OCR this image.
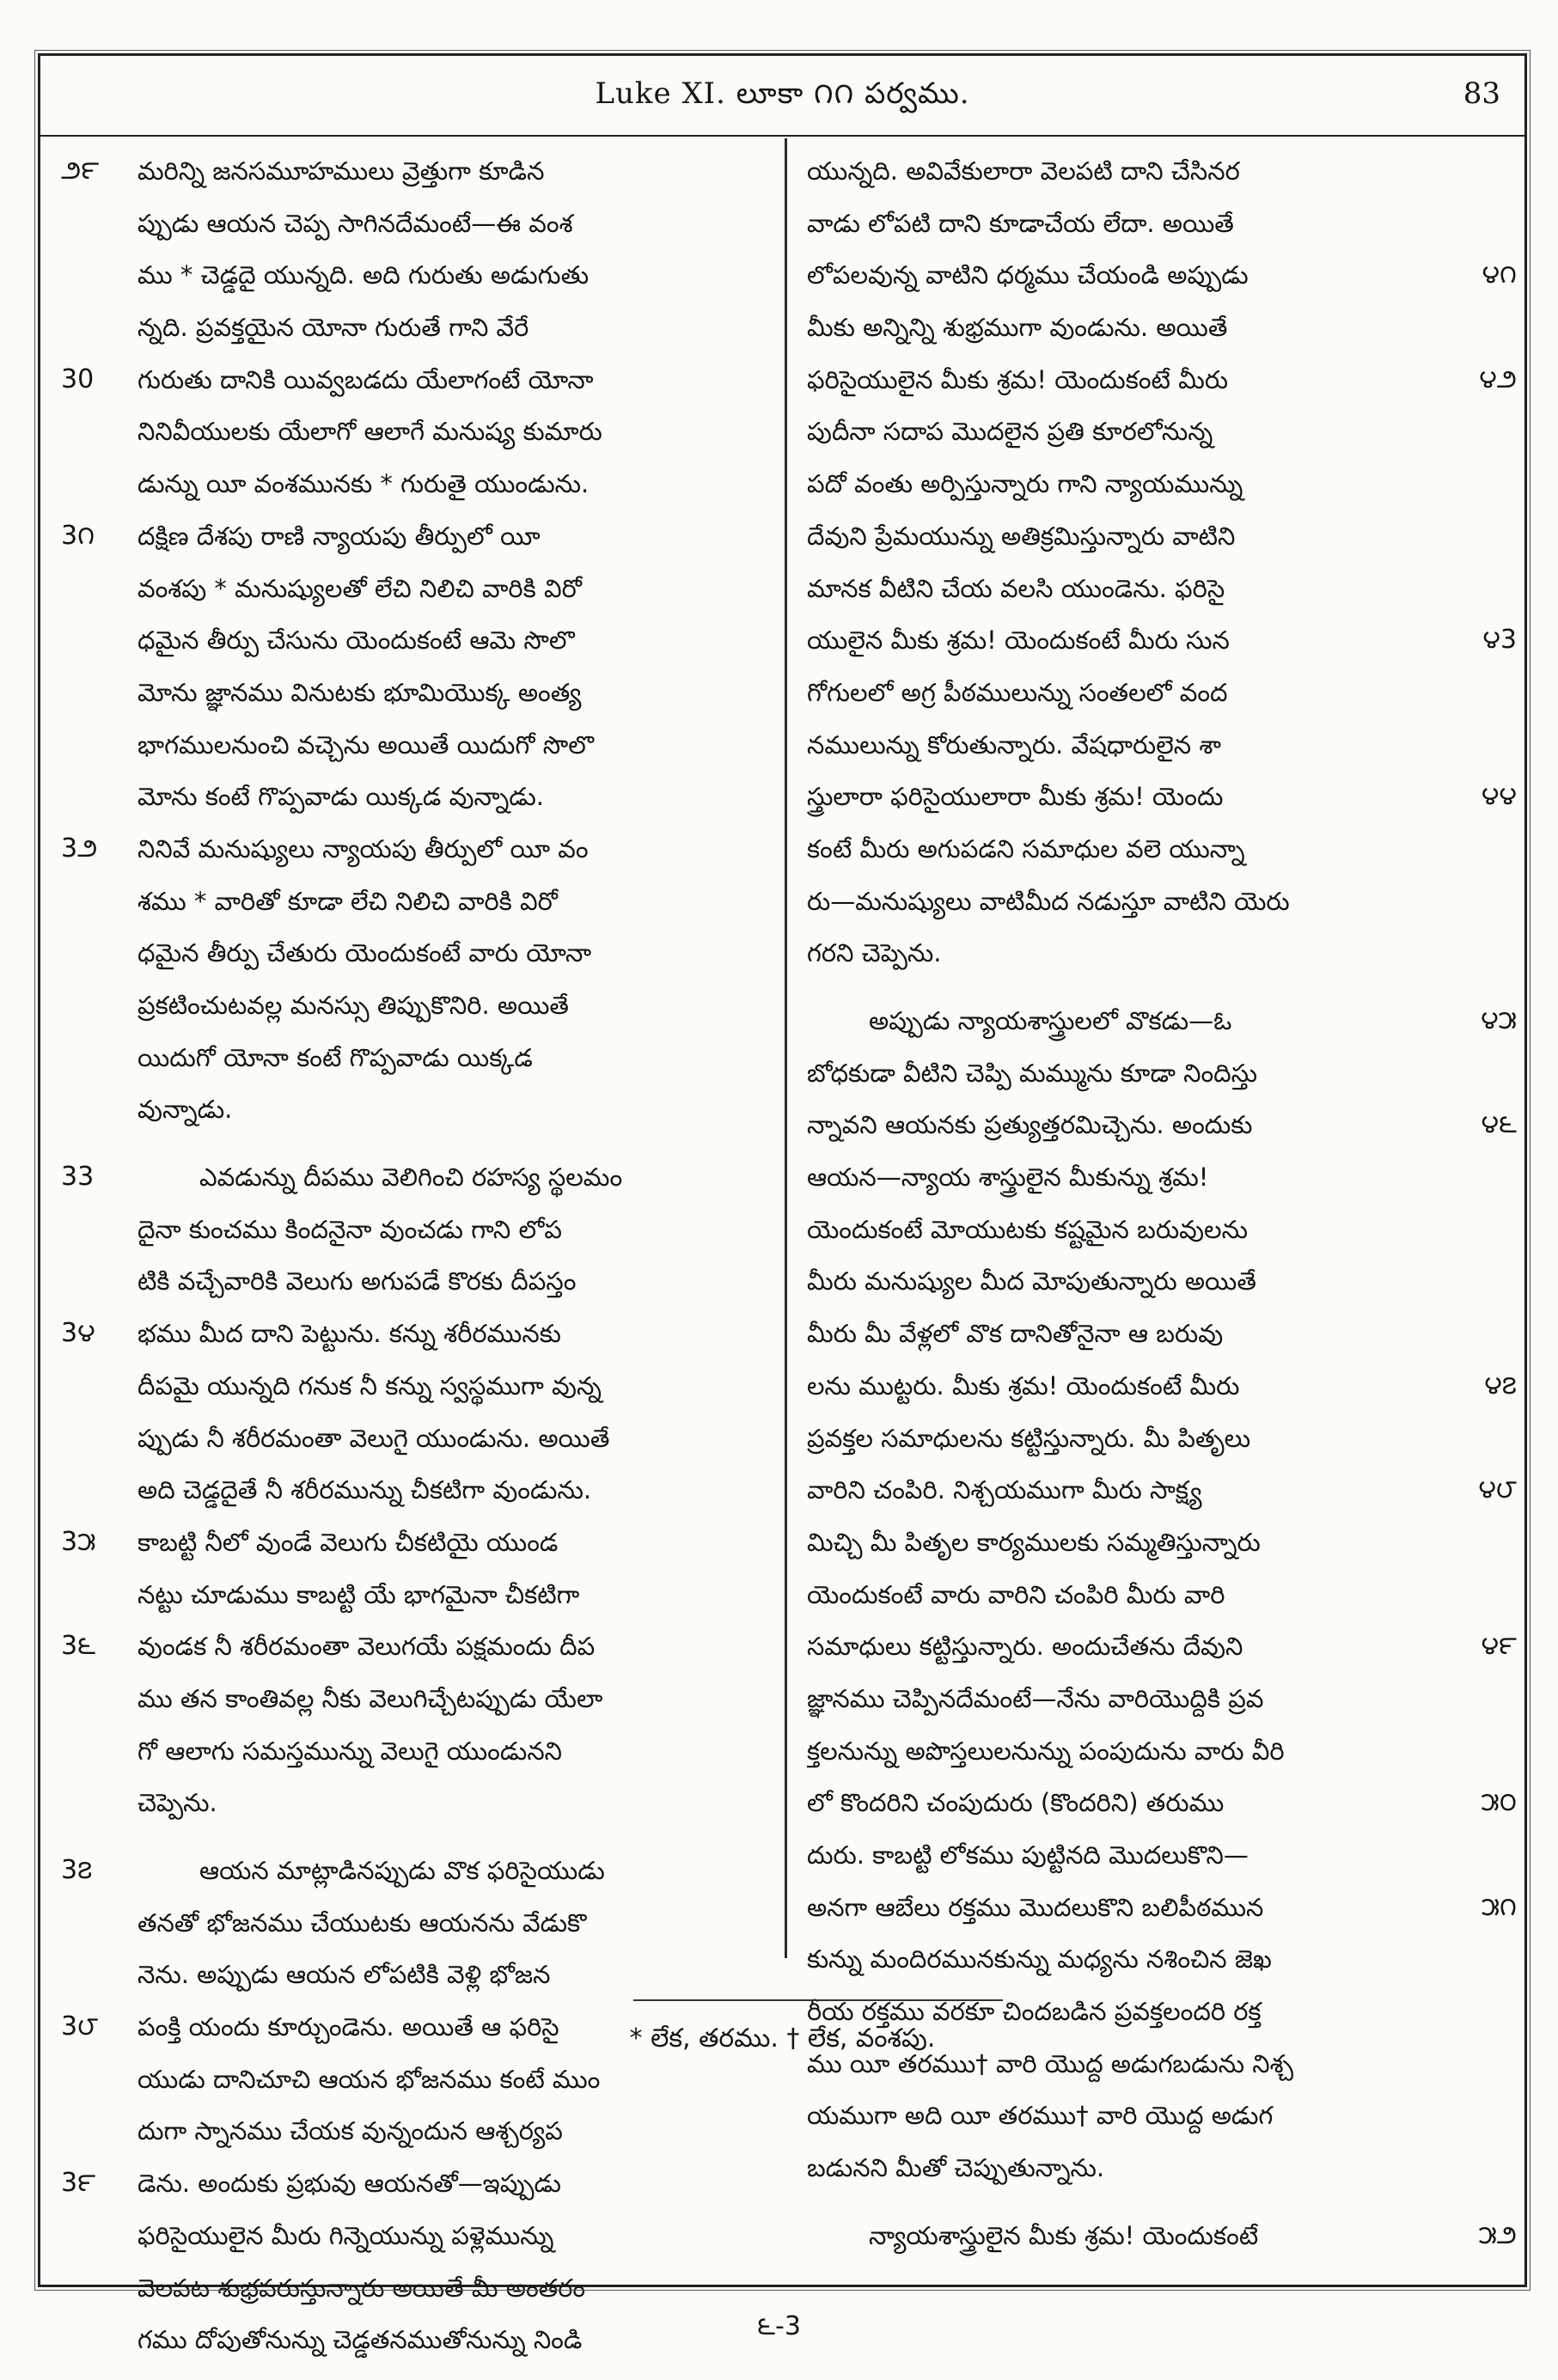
Luke XI. లూకా ౧౧ పర్వము.	83
౨౯	మరిన్ని జనసమూహములు వ్రెత్తుగా కూడిన
ప్పుడు ఆయన చెప్ప సాగినదేమంటే—ఈ వంశ
ము * చెడ్డదై యున్నది. అది గురుతు అడుగుతు
న్నది. ప్రవక్తయైన యోనా గురుతే గాని వేరే
30	గురుతు దానికి యివ్వబడదు యేలాగంటే యోనా
నినివీయులకు యేలాగో ఆలాగే మనుష్య కుమారు
డున్ను యీ వంశమునకు * గురుతై యుండును.
3౧	దక్షిణ దేశపు రాణి న్యాయపు తీర్పులో యీ
వంశపు * మనుష్యులతో లేచి నిలిచి వారికి విరో
ధమైన తీర్పు చేసును యెందుకంటే ఆమె సొలొ
మోను జ్ఞానము వినుటకు భూమియొక్క అంత్య
భాగములనుంచి వచ్చెను అయితే యిదుగో సొలొ
మోను కంటే గొప్పవాడు యిక్కడ వున్నాడు.
3౨	నినివే మనుష్యులు న్యాయపు తీర్పులో యీ వం
శము * వారితో కూడా లేచి నిలిచి వారికి విరో
ధమైన తీర్పు చేతురు యెందుకంటే వారు యోనా
ప్రకటించుటవల్ల మనస్సు తిప్పుకొనిరి. అయితే
యిదుగో యోనా కంటే గొప్పవాడు యిక్కడ
వున్నాడు.
33	ఎవడున్ను దీపము వెలిగించి రహస్య స్థలమం
దైనా కుంచము కిందనైనా వుంచడు గాని లోప
టికి వచ్చేవారికి వెలుగు అగుపడే కొరకు దీపస్తం
3౪	భము మీద దాని పెట్టును. కన్ను శరీరమునకు
దీపమై యున్నది గనుక నీ కన్ను స్వస్థముగా వున్న
ప్పుడు నీ శరీరమంతా వెలుగై యుండును. అయితే
అది చెడ్డదైతే నీ శరీరమున్ను చీకటిగా వుండును.
3౫	కాబట్టి నీలో వుండే వెలుగు చీకటియై యుండ
నట్టు చూడుము కాబట్టి యే భాగమైనా చీకటిగా
3౬	వుండక నీ శరీరమంతా వెలుగయే పక్షమందు దీప
ము తన కాంతివల్ల నీకు వెలుగిచ్చేటప్పుడు యేలా
గో ఆలాగు సమస్తమున్ను వెలుగై యుండునని
చెప్పెను.
3౭	ఆయన మాట్లాడినప్పుడు వొక ఫరిసైయుడు
తనతో భోజనము చేయుటకు ఆయనను వేడుకొ
నెను. అప్పుడు ఆయన లోపటికి వెళ్లి భోజన
3౮	పంక్తి యందు కూర్చుండెను. అయితే ఆ ఫరిసై
యుడు దానిచూచి ఆయన భోజనము కంటే ముం
దుగా స్నానము చేయక వున్నందున ఆశ్చర్యప
3౯	డెను. అందుకు ప్రభువు ఆయనతో—ఇప్పుడు
ఫరిసైయులైన మీరు గిన్నెయున్ను పళ్లెమున్ను
వెలపట శుభ్రపరుస్తున్నారు అయితే మీ అంతరం
గము దోపుతోనున్ను చెడ్డతనముతోనున్ను నిండి
యున్నది. అవివేకులారా వెలపటి దాని చేసినర
వాడు లోపటి దాని కూడాచేయ లేదా. అయితే
౪౧
లోపలవున్న వాటిని ధర్మము చేయండి అప్పుడు
మీకు అన్నిన్ని శుభ్రముగా వుండును. అయితే
౪౨
ఫరిసైయులైన మీకు శ్రమ! యెందుకంటే మీరు
పుదీనా సదాప మొదలైన ప్రతి కూరలోనున్న
పదో వంతు అర్పిస్తున్నారు గాని న్యాయమున్ను
దేవుని ప్రేమయున్ను అతిక్రమిస్తున్నారు వాటిని
మానక వీటిని చేయ వలసి యుండెను. ఫరిసై
౪3
యులైన మీకు శ్రమ! యెందుకంటే మీరు సున
గోగులలో అగ్ర పీఠములున్ను సంతలలో వంద
నములున్ను కోరుతున్నారు. వేషధారులైన శా
౪౪
స్త్రులారా ఫరిసైయులారా మీకు శ్రమ! యెందు
కంటే మీరు అగుపడని సమాధుల వలె యున్నా
రు—మనుష్యులు వాటిమీద నడుస్తూ వాటిని యెరు
గరని చెప్పెను.
౪౫
అప్పుడు న్యాయశాస్త్రులలో వొకడు—ఓ
బోధకుడా వీటిని చెప్పి మమ్మును కూడా నిందిస్తు
౪౬
న్నావని ఆయనకు ప్రత్యుత్తరమిచ్చెను. అందుకు
ఆయన—న్యాయ శాస్త్రులైన మీకున్ను శ్రమ!
యెందుకంటే మోయుటకు కష్టమైన బరువులను
మీరు మనుష్యుల మీద మోపుతున్నారు అయితే
మీరు మీ వేళ్లలో వొక దానితోనైనా ఆ బరువు
౪౭
లను ముట్టరు. మీకు శ్రమ! యెందుకంటే మీరు
ప్రవక్తల సమాధులను కట్టిస్తున్నారు. మీ పితృలు
౪౮
వారిని చంపిరి. నిశ్చయముగా మీరు సాక్ష్య
మిచ్చి మీ పితృల కార్యములకు సమ్మతిస్తున్నారు
యెందుకంటే వారు వారిని చంపిరి మీరు వారి
౪౯
సమాధులు కట్టిస్తున్నారు. అందుచేతను దేవుని
జ్ఞానము చెప్పినదేమంటే—నేను వారియొద్దికి ప్రవ
క్తలనున్ను అపొస్తలులనున్ను పంపుదును వారు వీరి
౫౦
లో కొందరిని చంపుదురు (కొందరిని) తరుము
దురు. కాబట్టి లోకము పుట్టినది మొదలుకొని—
౫౧
అనగా ఆబేలు రక్తము మొదలుకొని బలిపీఠమున
కున్ను మందిరమునకున్ను మధ్యను నశించిన జెఖ
రీయ రక్తము వరకూ చిందబడిన ప్రవక్తలందరి రక్త
ము యీ తరముు† వారి యొద్ద అడుగబడును నిశ్చ
యముగా అది యీ తరముు† వారి యొద్ద అడుగ
బడునని మీతో చెప్పుతున్నాను.
౫౨
న్యాయశాస్త్రులైన మీకు శ్రమ! యెందుకంటే
* లేక, తరము. † లేక, వంశపు.
౬-3
